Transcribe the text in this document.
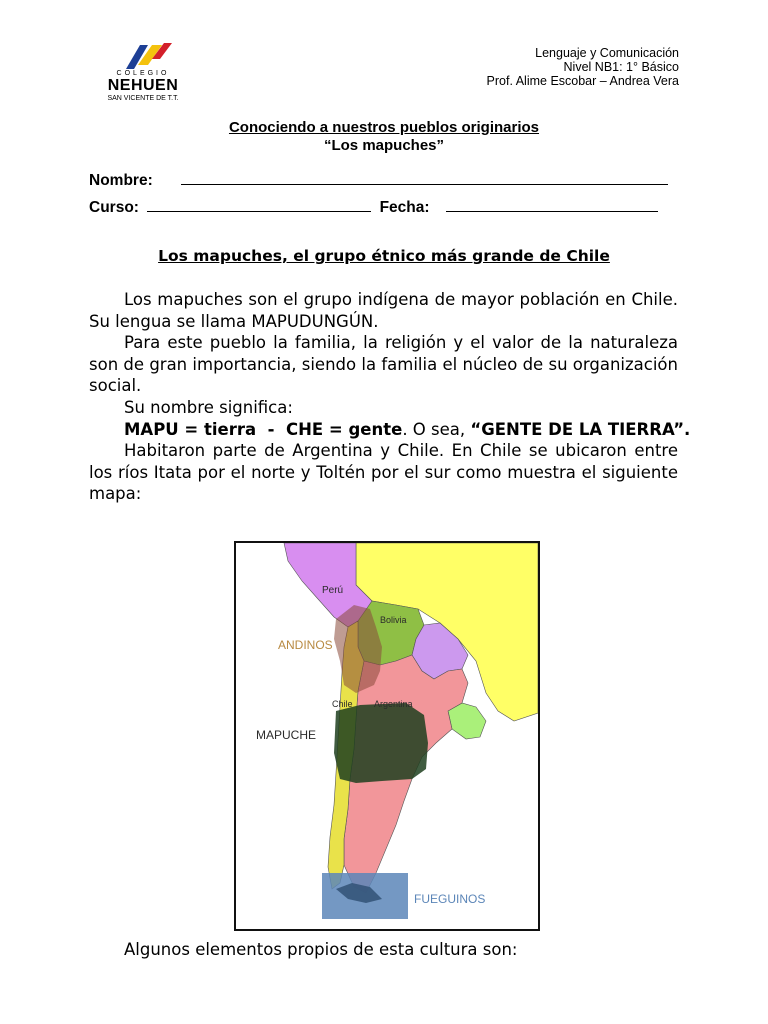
COLEGIO
NEHUEN
SAN VICENTE DE T.T.
Lenguaje y Comunicación
Nivel NB1: 1° Básico
Prof. Alime Escobar – Andrea Vera
Conociendo a nuestros pueblos originarios
“Los mapuches”
Nombre:
Curso:	Fecha:
Los mapuches, el grupo étnico más grande de Chile

Los mapuches son el grupo indígena de mayor población en Chile. Su lengua se llama MAPUDUNGÚN.

Para este pueblo la familia, la religión y el valor de la naturaleza son de gran importancia, siendo la familia el núcleo de su organización social.

Su nombre significa:

MAPU = tierra  -  CHE = gente. O sea, “GENTE DE LA TIERRA”.

Habitaron parte de Argentina y Chile. En Chile se ubicaron entre los ríos Itata por el norte y Toltén por el sur como muestra el siguiente mapa:

Perú
Bolivia
ANDINOS
Chile Argentina
MAPUCHE
FUEGUINOS
Algunos elementos propios de esta cultura son:
